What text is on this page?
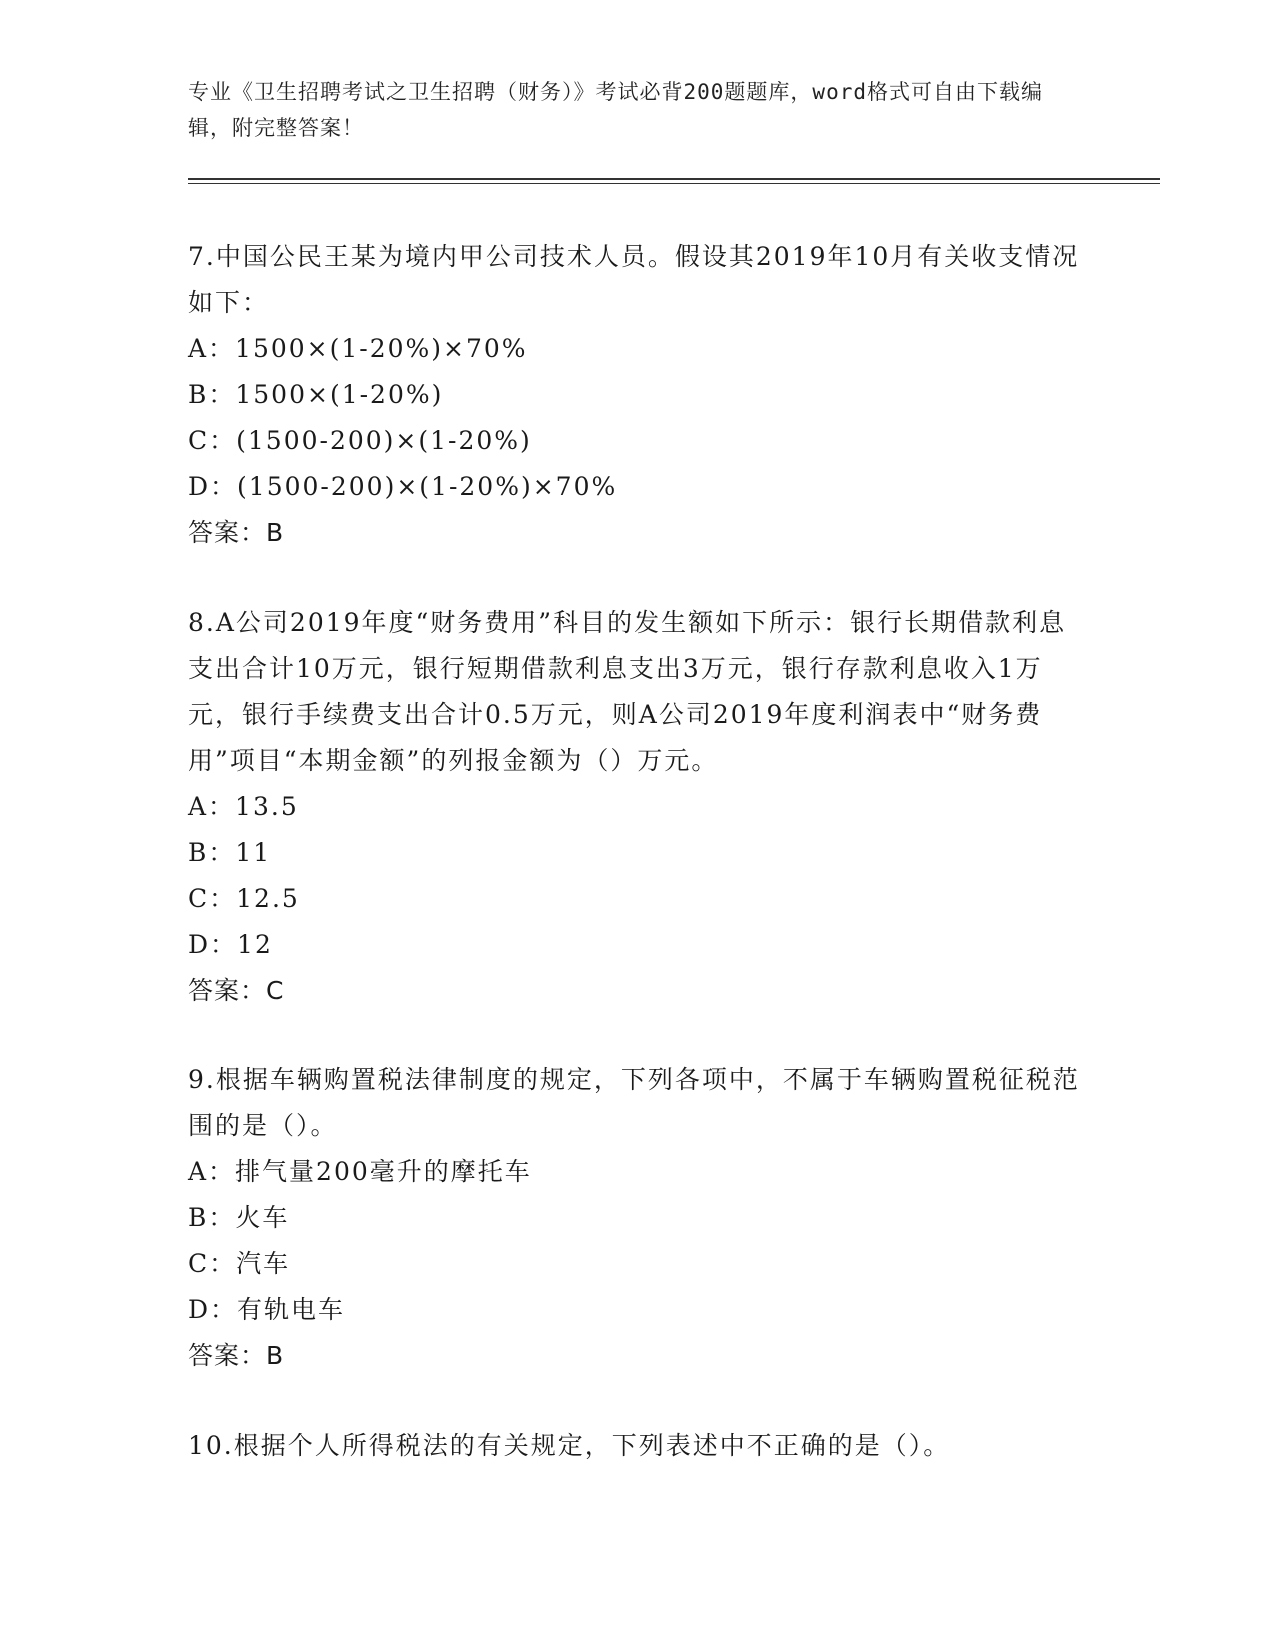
专业《卫生招聘考试之卫生招聘（财务）》考试必背200题题库，word格式可自由下载编辑，附完整答案！

7.中国公民王某为境内甲公司技术人员。假设其2019年10月有关收支情况如下：

A：1500×(1-20%)×70%

B：1500×(1-20%)

C：(1500-200)×(1-20%)

D：(1500-200)×(1-20%)×70%

答案：B

8.A公司2019年度“财务费用”科目的发生额如下所示：银行长期借款利息支出合计10万元，银行短期借款利息支出3万元，银行存款利息收入1万元，银行手续费支出合计0.5万元，则A公司2019年度利润表中“财务费用”项目“本期金额”的列报金额为（）万元。

A：13.5

B：11

C：12.5

D：12

答案：C

9.根据车辆购置税法律制度的规定，下列各项中，不属于车辆购置税征税范围的是（）。

A：排气量200毫升的摩托车

B：火车

C：汽车

D：有轨电车

答案：B

10.根据个人所得税法的有关规定，下列表述中不正确的是（）。
